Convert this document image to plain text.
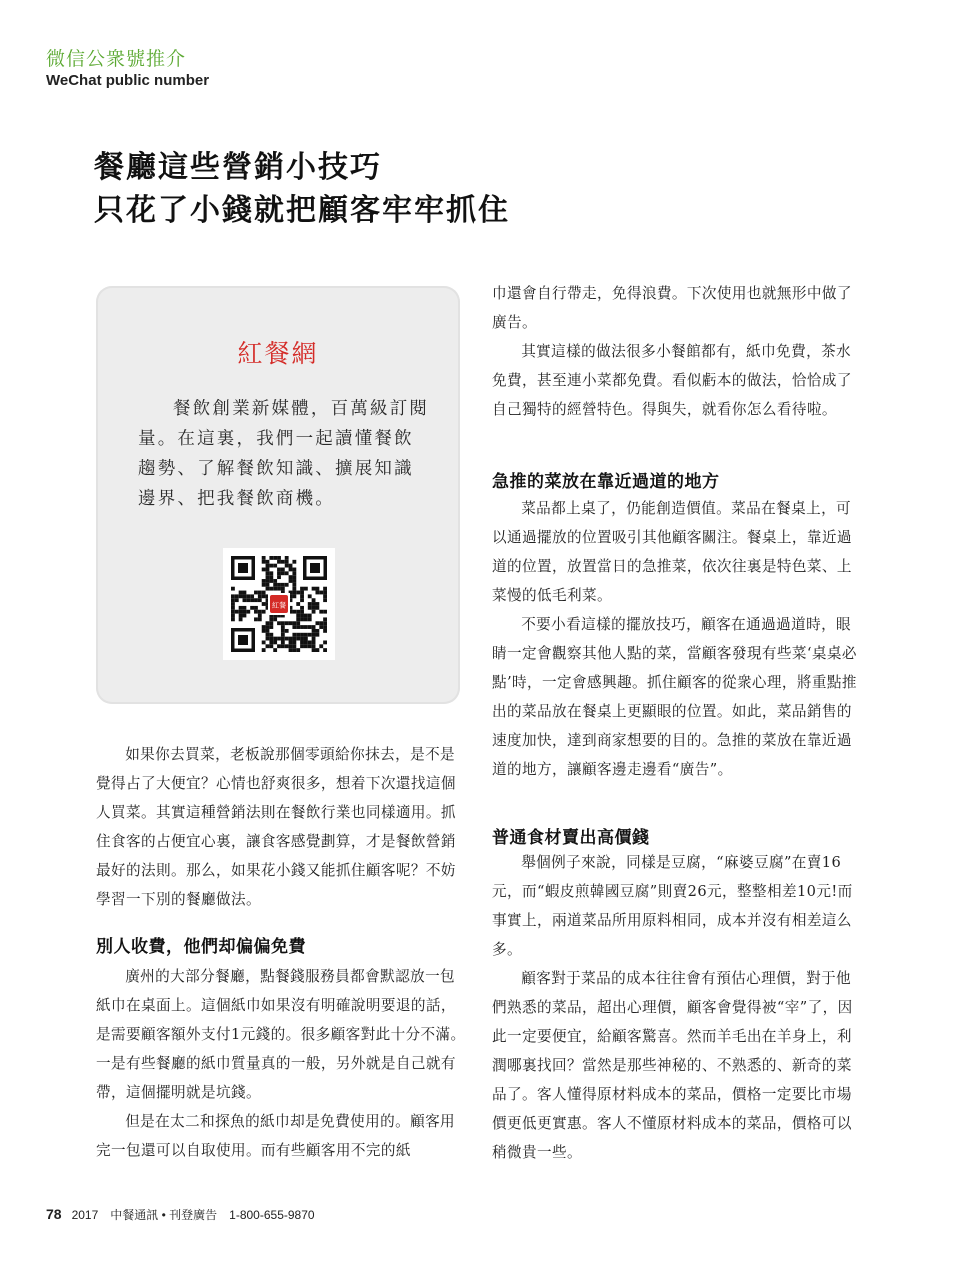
微信公衆號推介
WeChat public number
餐廳這些營銷小技巧
只花了小錢就把顧客牢牢抓住
紅餐網
餐飲創業新媒體，百萬級訂閱量。在這裏，我們一起讀懂餐飲趨勢、了解餐飲知識、擴展知識邊界、把我餐飲商機。
紅餐

如果你去買菜，老板說那個零頭給你抹去，是不是覺得占了大便宜？心情也舒爽很多，想着下次還找這個人買菜。其實這種營銷法則在餐飲行業也同樣適用。抓住食客的占便宜心裏，讓食客感覺劃算，才是餐飲營銷最好的法則。那么，如果花小錢又能抓住顧客呢？不妨學習一下別的餐廳做法。

別人收費，他們却偏偏免費

廣州的大部分餐廳，點餐錢服務員都會默認放一包紙巾在桌面上。這個紙巾如果沒有明確說明要退的話，是需要顧客額外支付1元錢的。很多顧客對此十分不滿。一是有些餐廳的紙巾質量真的一般，另外就是自己就有帶，這個擺明就是坑錢。

但是在太二和探魚的紙巾却是免費使用的。顧客用完一包還可以自取使用。而有些顧客用不完的紙

巾還會自行帶走，免得浪費。下次使用也就無形中做了廣告。

其實這樣的做法很多小餐館都有，紙巾免費，茶水免費，甚至連小菜都免費。看似虧本的做法，恰恰成了自己獨特的經營特色。得與失，就看你怎么看待啦。

急推的菜放在靠近過道的地方

菜品都上桌了，仍能創造價值。菜品在餐桌上，可以通過擺放的位置吸引其他顧客關注。餐桌上，靠近過道的位置，放置當日的急推菜，依次往裏是特色菜、上菜慢的低毛利菜。

不要小看這樣的擺放技巧，顧客在通過過道時，眼睛一定會觀察其他人點的菜，當顧客發現有些菜‘桌桌必點’時，一定會感興趣。抓住顧客的從衆心理，將重點推出的菜品放在餐桌上更顯眼的位置。如此，菜品銷售的速度加快，達到商家想要的目的。急推的菜放在靠近過道的地方，讓顧客邊走邊看“廣告”。

普通食材賣出高價錢

舉個例子來說，同樣是豆腐，“麻婆豆腐”在賣16元，而“蝦皮煎韓國豆腐”則賣26元，整整相差10元!而事實上，兩道菜品所用原料相同，成本并沒有相差這么多。

顧客對于菜品的成本往往會有預估心理價，對于他們熟悉的菜品，超出心理價，顧客會覺得被“宰”了，因此一定要便宜，給顧客驚喜。然而羊毛出在羊身上，利潤哪裏找回？當然是那些神秘的、不熟悉的、新奇的菜品了。客人懂得原材料成本的菜品，價格一定要比市場價更低更實惠。客人不懂原材料成本的菜品，價格可以稍微貴一些。

78 2017 中餐通訊 • 刊登廣告 1-800-655-9870
